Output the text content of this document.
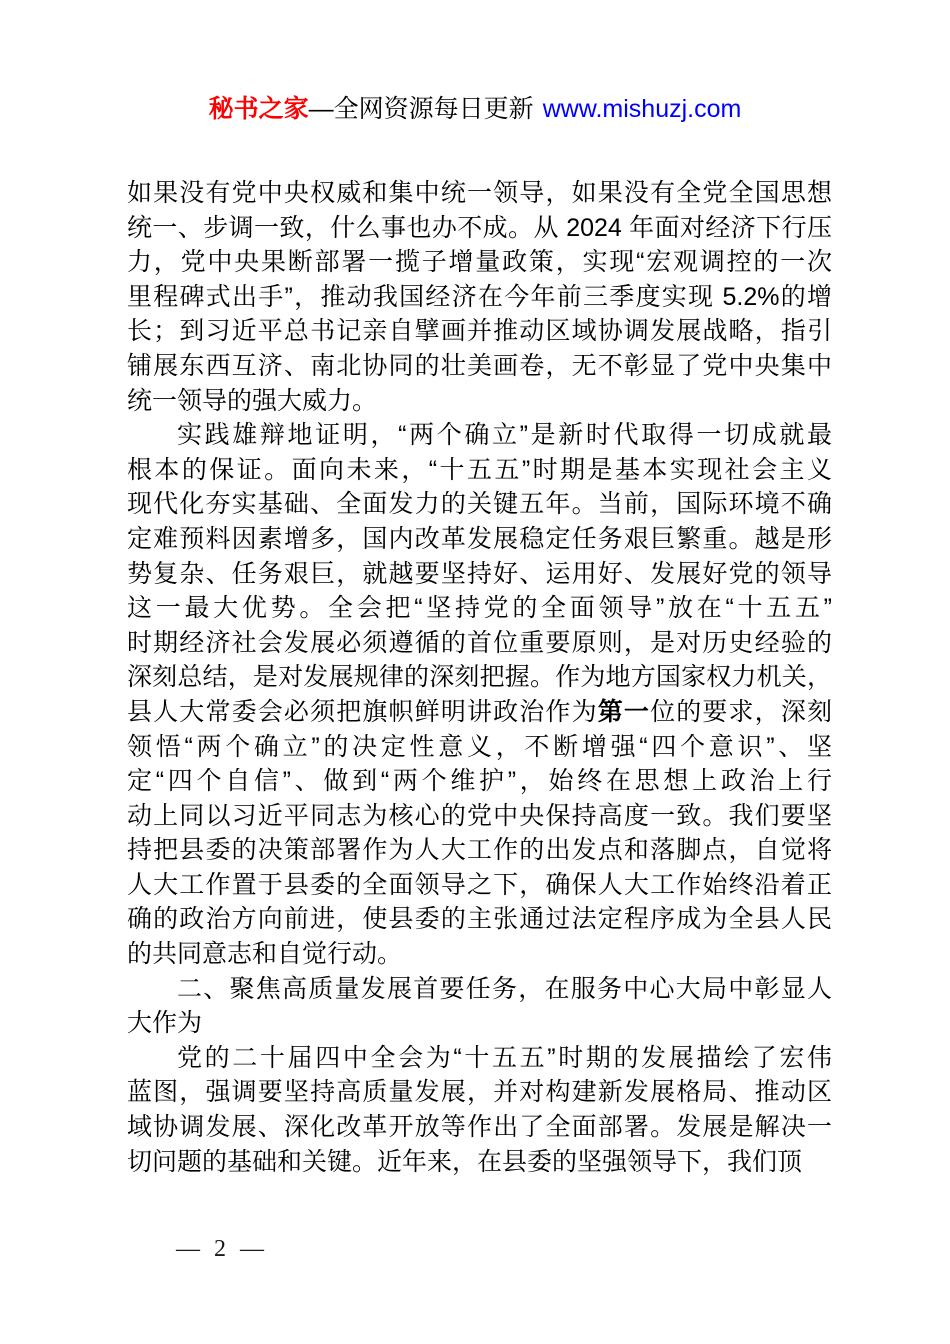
秘书之家—全网资源每日更新 www.mishuzj.com
如果没有党中央权威和集中统一领导，如果没有全党全国思想
统一、步调一致，什么事也办不成。从 2024 年面对经济下行压
力，党中央果断部署一揽子增量政策，实现“宏观调控的一次
里程碑式出手”，推动我国经济在今年前三季度实现 5.2%的增
长；到习近平总书记亲自擘画并推动区域协调发展战略，指引
铺展东西互济、南北协同的壮美画卷，无不彰显了党中央集中
统一领导的强大威力。
实践雄辩地证明，“两个确立”是新时代取得一切成就最
根本的保证。面向未来，“十五五”时期是基本实现社会主义
现代化夯实基础、全面发力的关键五年。当前，国际环境不确
定难预料因素增多，国内改革发展稳定任务艰巨繁重。越是形
势复杂、任务艰巨，就越要坚持好、运用好、发展好党的领导
这一最大优势。全会把“坚持党的全面领导”放在“十五五”
时期经济社会发展必须遵循的首位重要原则，是对历史经验的
深刻总结，是对发展规律的深刻把握。作为地方国家权力机关，
县人大常委会必须把旗帜鲜明讲政治作为第一位的要求，深刻
领悟“两个确立”的决定性意义，不断增强“四个意识”、坚
定“四个自信”、做到“两个维护”，始终在思想上政治上行
动上同以习近平同志为核心的党中央保持高度一致。我们要坚
持把县委的决策部署作为人大工作的出发点和落脚点，自觉将
人大工作置于县委的全面领导之下，确保人大工作始终沿着正
确的政治方向前进，使县委的主张通过法定程序成为全县人民
的共同意志和自觉行动。
二、聚焦高质量发展首要任务，在服务中心大局中彰显人
大作为
党的二十届四中全会为“十五五”时期的发展描绘了宏伟
蓝图，强调要坚持高质量发展，并对构建新发展格局、推动区
域协调发展、深化改革开放等作出了全面部署。发展是解决一
切问题的基础和关键。近年来，在县委的坚强领导下，我们顶
— 2 —
